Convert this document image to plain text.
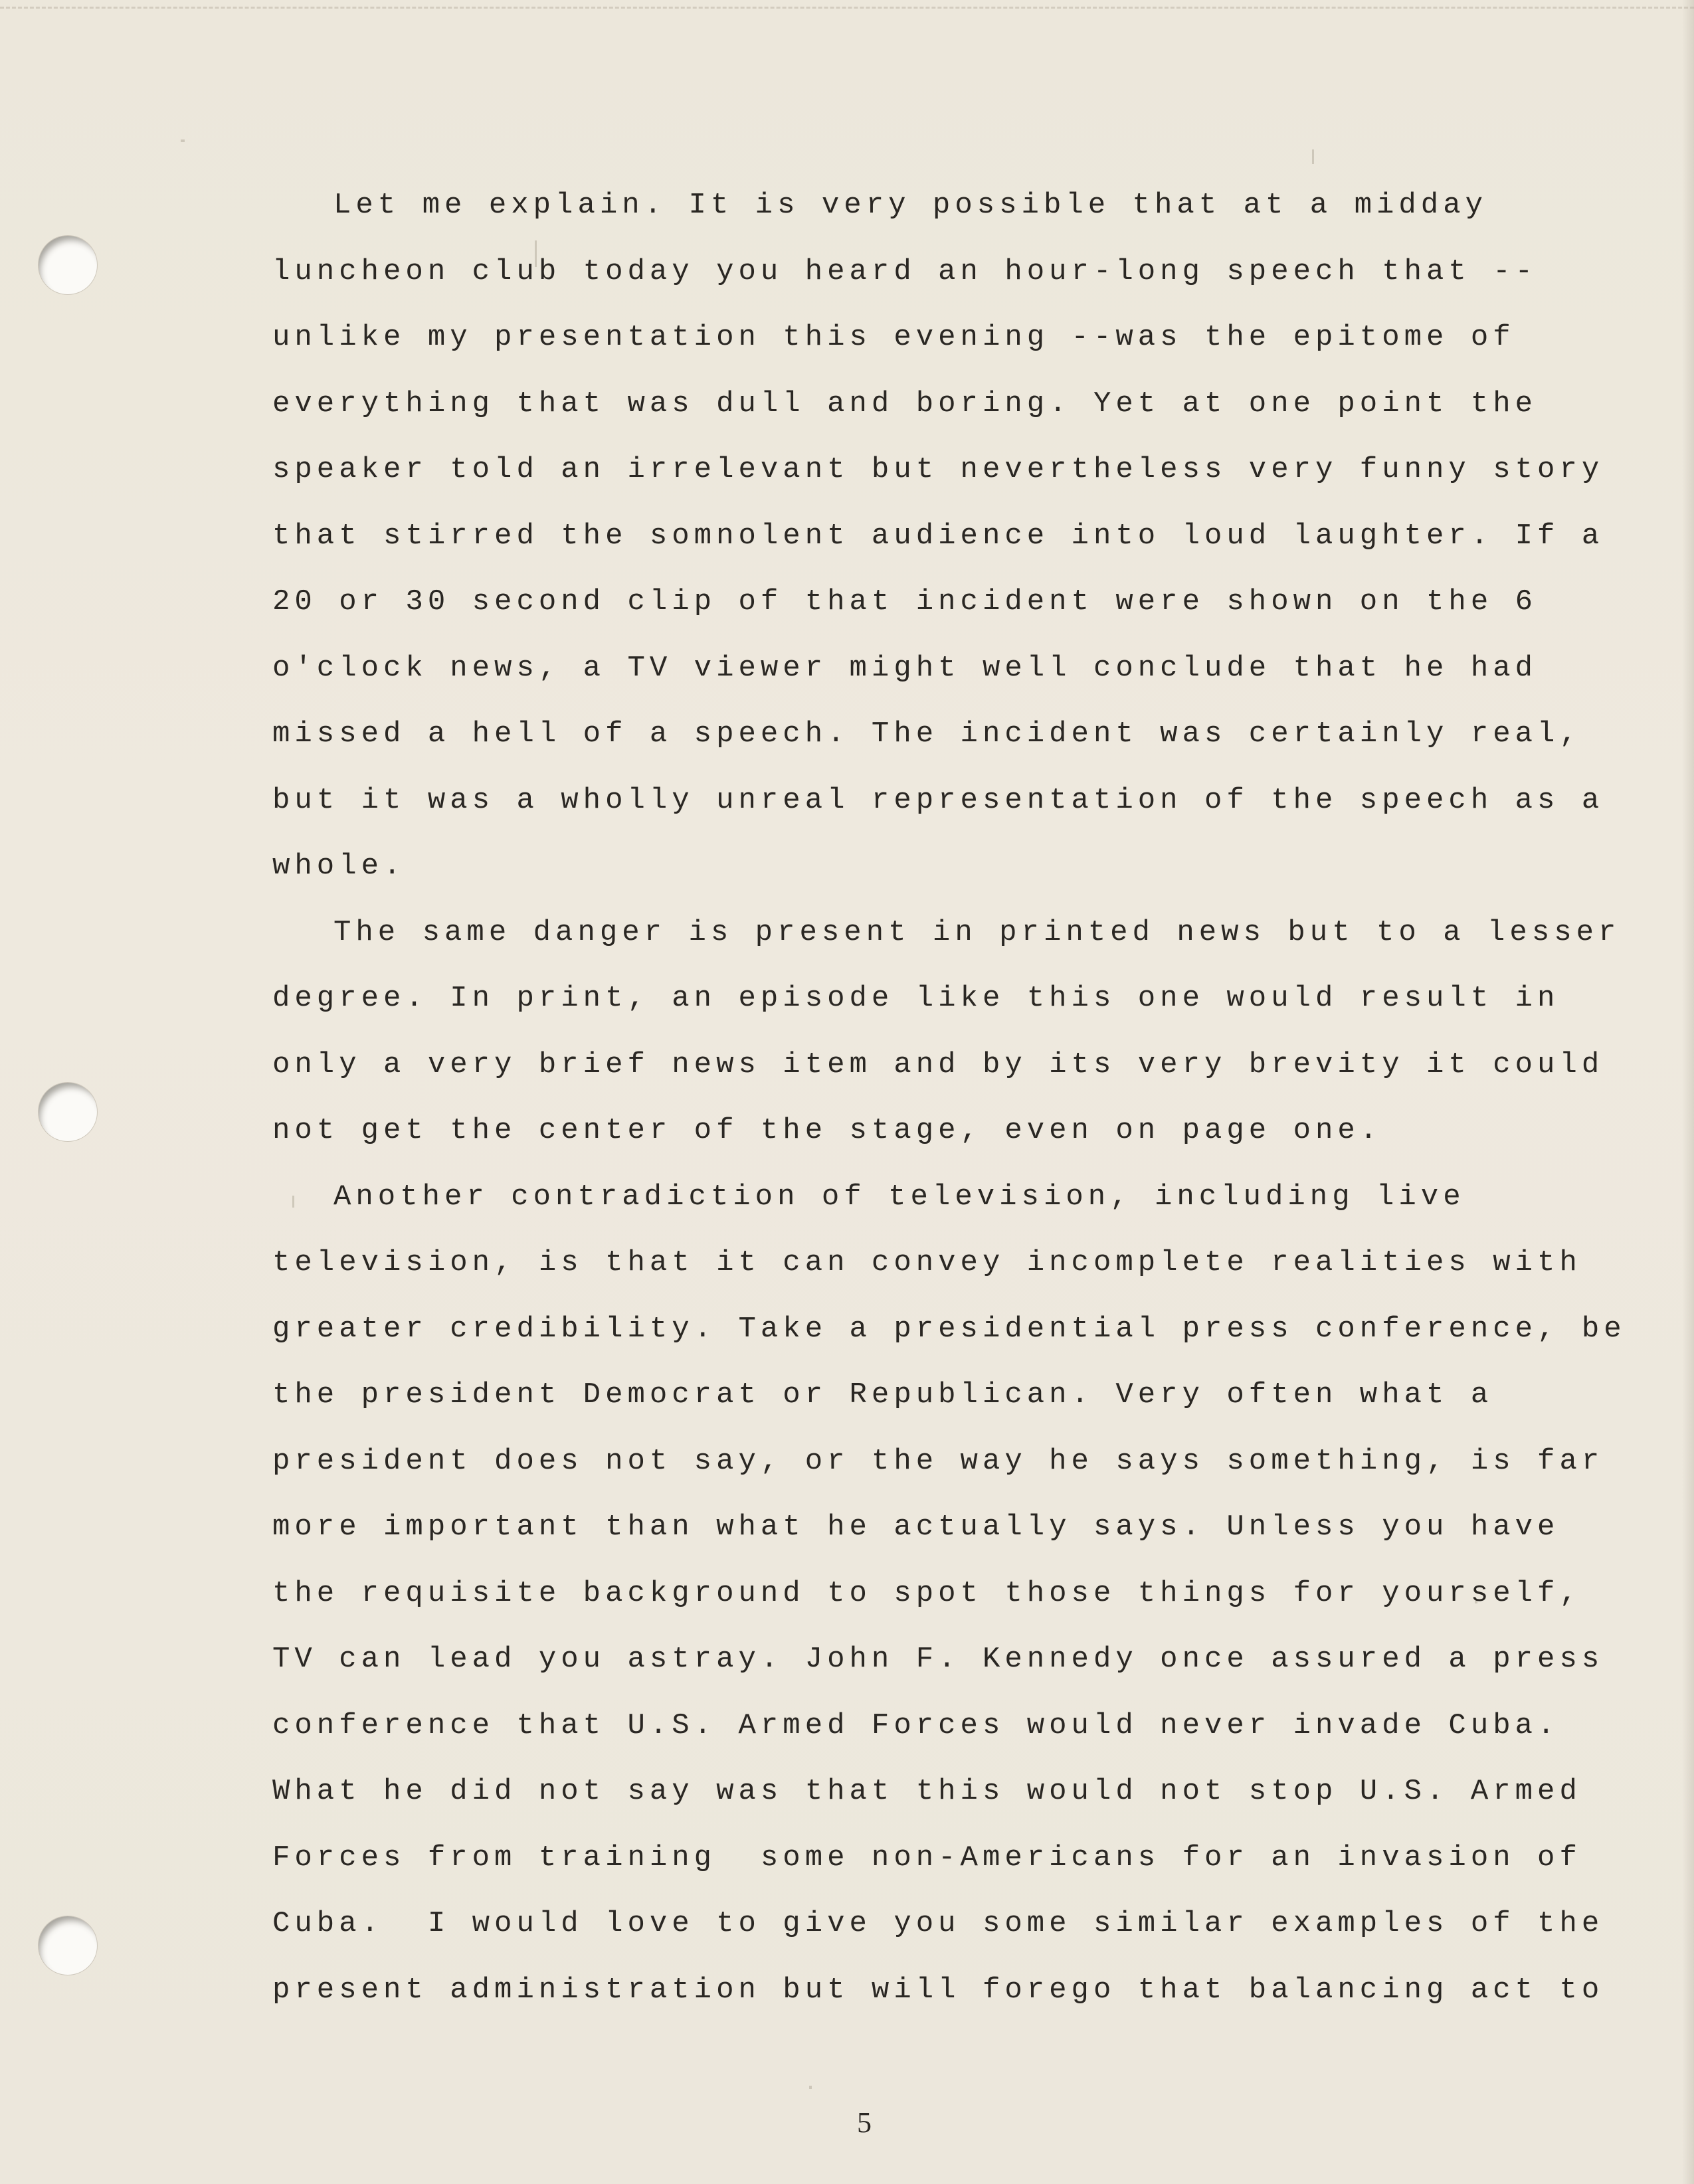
Let me explain. It is very possible that at a midday
luncheon club today you heard an hour-long speech that --
unlike my presentation this evening --was the epitome of
everything that was dull and boring. Yet at one point the
speaker told an irrelevant but nevertheless very funny story
that stirred the somnolent audience into loud laughter. If a
20 or 30 second clip of that incident were shown on the 6
o'clock news, a TV viewer might well conclude that he had
missed a hell of a speech. The incident was certainly real,
but it was a wholly unreal representation of the speech as a
whole.
The same danger is present in printed news but to a lesser
degree. In print, an episode like this one would result in
only a very brief news item and by its very brevity it could
not get the center of the stage, even on page one.
Another contradiction of television, including live
television, is that it can convey incomplete realities with
greater credibility. Take a presidential press conference, be
the president Democrat or Republican. Very often what a
president does not say, or the way he says something, is far
more important than what he actually says. Unless you have
the requisite background to spot those things for yourself,
TV can lead you astray. John F. Kennedy once assured a press
conference that U.S. Armed Forces would never invade Cuba.
What he did not say was that this would not stop U.S. Armed
Forces from training  some non-Americans for an invasion of
Cuba.  I would love to give you some similar examples of the
present administration but will forego that balancing act to
5
